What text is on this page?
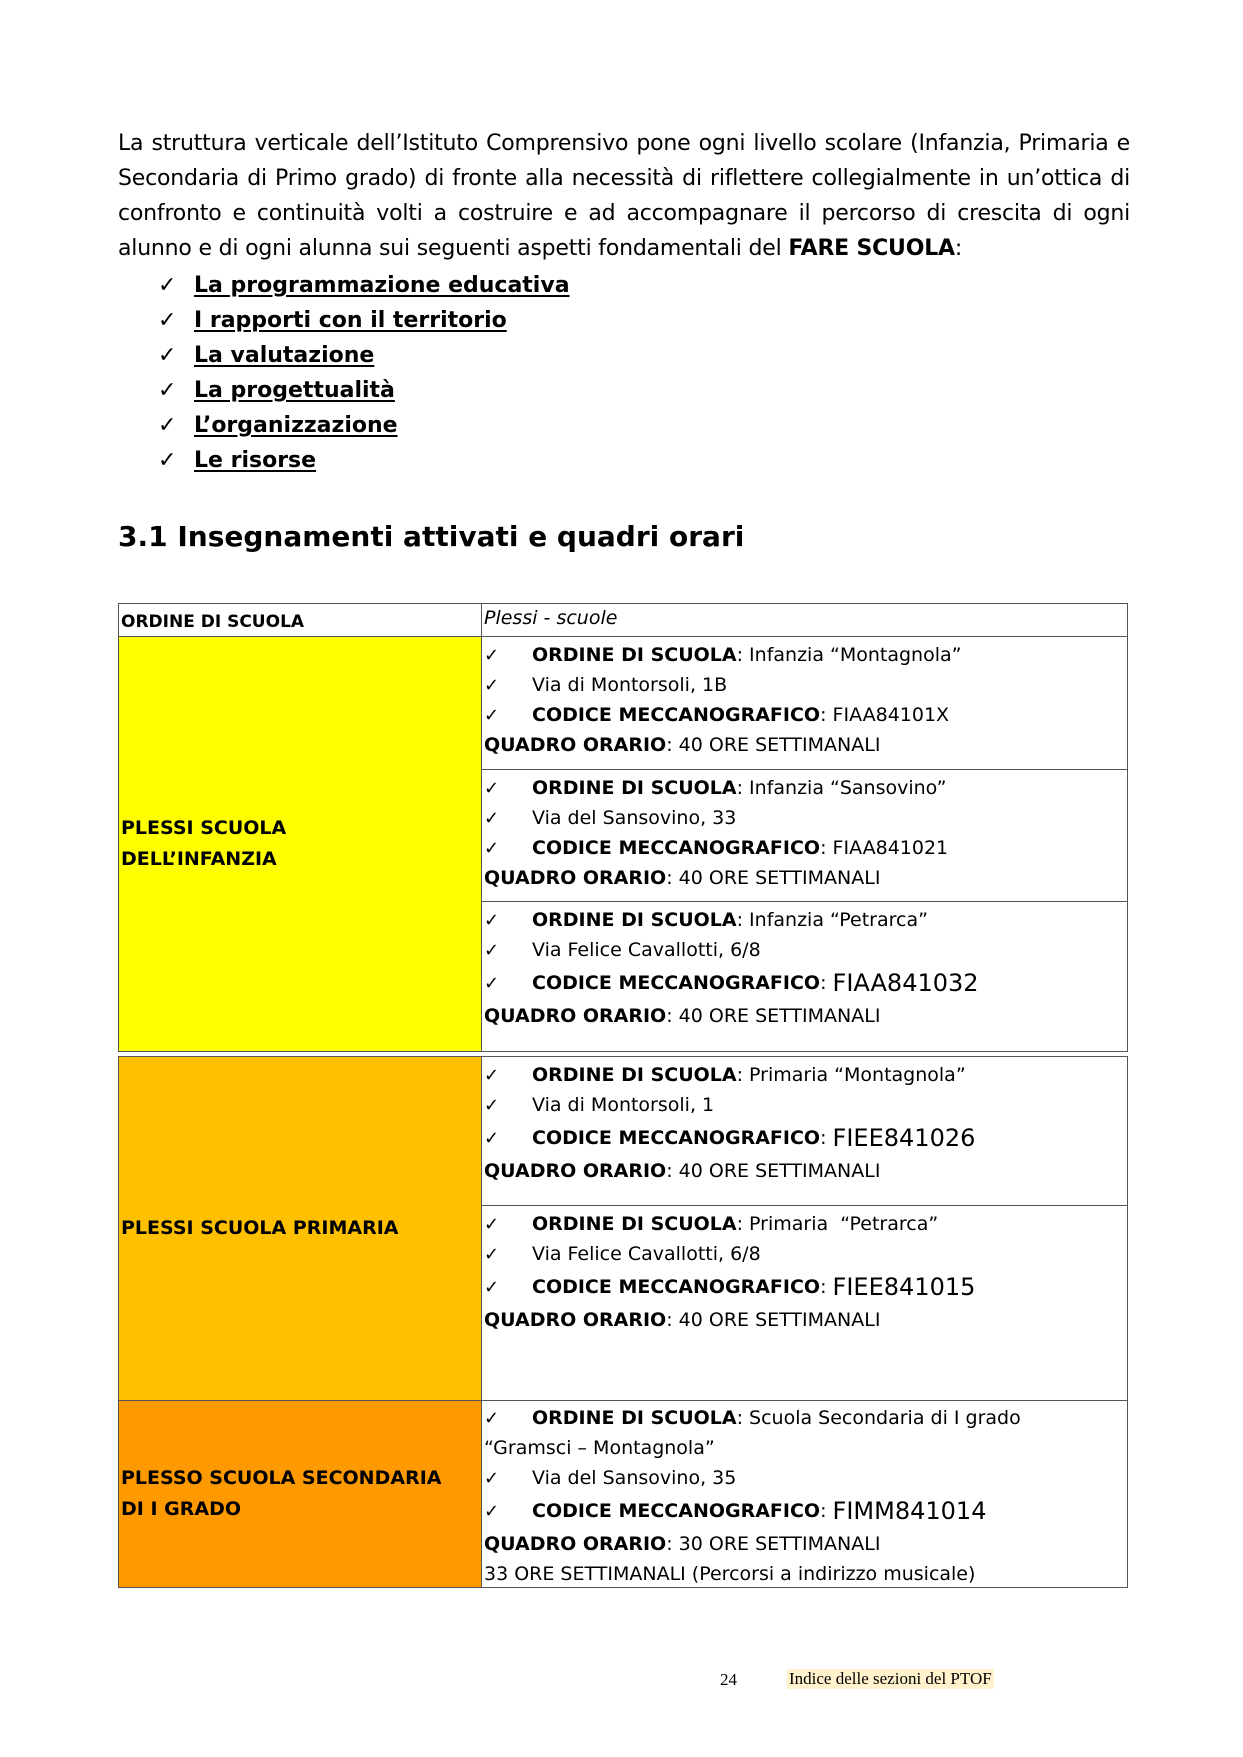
La struttura verticale dell’Istituto Comprensivo pone ogni livello scolare (Infanzia, Primaria e Secondaria di Primo grado) di fronte alla necessità di riflettere collegialmente in un’ottica di confronto e continuità volti a costruire e ad accompagnare il percorso di crescita di ogni alunno e di ogni alunna sui seguenti aspetti fondamentali del FARE SCUOLA:
✓ La programmazione educativa
✓ I rapporti con il territorio
✓ La valutazione
✓ La progettualità
✓ L’organizzazione
✓ Le risorse
3.1 Insegnamenti attivati e quadri orari
ORDINE DI SCUOLA	Plessi - scuole
PLESSI SCUOLA DELL’INFANZIA
✓	ORDINE DI SCUOLA : Infanzia “Montagnola”
✓	Via di Montorsoli, 1B
✓	CODICE MECCANOGRAFICO : FIAA84101X
QUADRO ORARIO : 40 ORE SETTIMANALI
✓	ORDINE DI SCUOLA : Infanzia “Sansovino”
✓	Via del Sansovino, 33
✓	CODICE MECCANOGRAFICO : FIAA841021
QUADRO ORARIO : 40 ORE SETTIMANALI
✓	ORDINE DI SCUOLA : Infanzia “Petrarca”
✓	Via Felice Cavallotti, 6/8
✓	CODICE MECCANOGRAFICO : FIAA841032
QUADRO ORARIO : 40 ORE SETTIMANALI
PLESSI SCUOLA PRIMARIA
✓	ORDINE DI SCUOLA : Primaria “Montagnola”
✓	Via di Montorsoli, 1
✓	CODICE MECCANOGRAFICO : FIEE841026
QUADRO ORARIO : 40 ORE SETTIMANALI
✓	ORDINE DI SCUOLA : Primaria  “Petrarca”
✓	Via Felice Cavallotti, 6/8
✓	CODICE MECCANOGRAFICO : FIEE841015
QUADRO ORARIO : 40 ORE SETTIMANALI
PLESSO SCUOLA SECONDARIA DI I GRADO
✓	ORDINE DI SCUOLA : Scuola Secondaria di I grado
“Gramsci – Montagnola”
✓	Via del Sansovino, 35
✓	CODICE MECCANOGRAFICO : FIMM841014
QUADRO ORARIO : 30 ORE SETTIMANALI
33 ORE SETTIMANALI (Percorsi a indirizzo musicale)
24	Indice delle sezioni del PTOF
